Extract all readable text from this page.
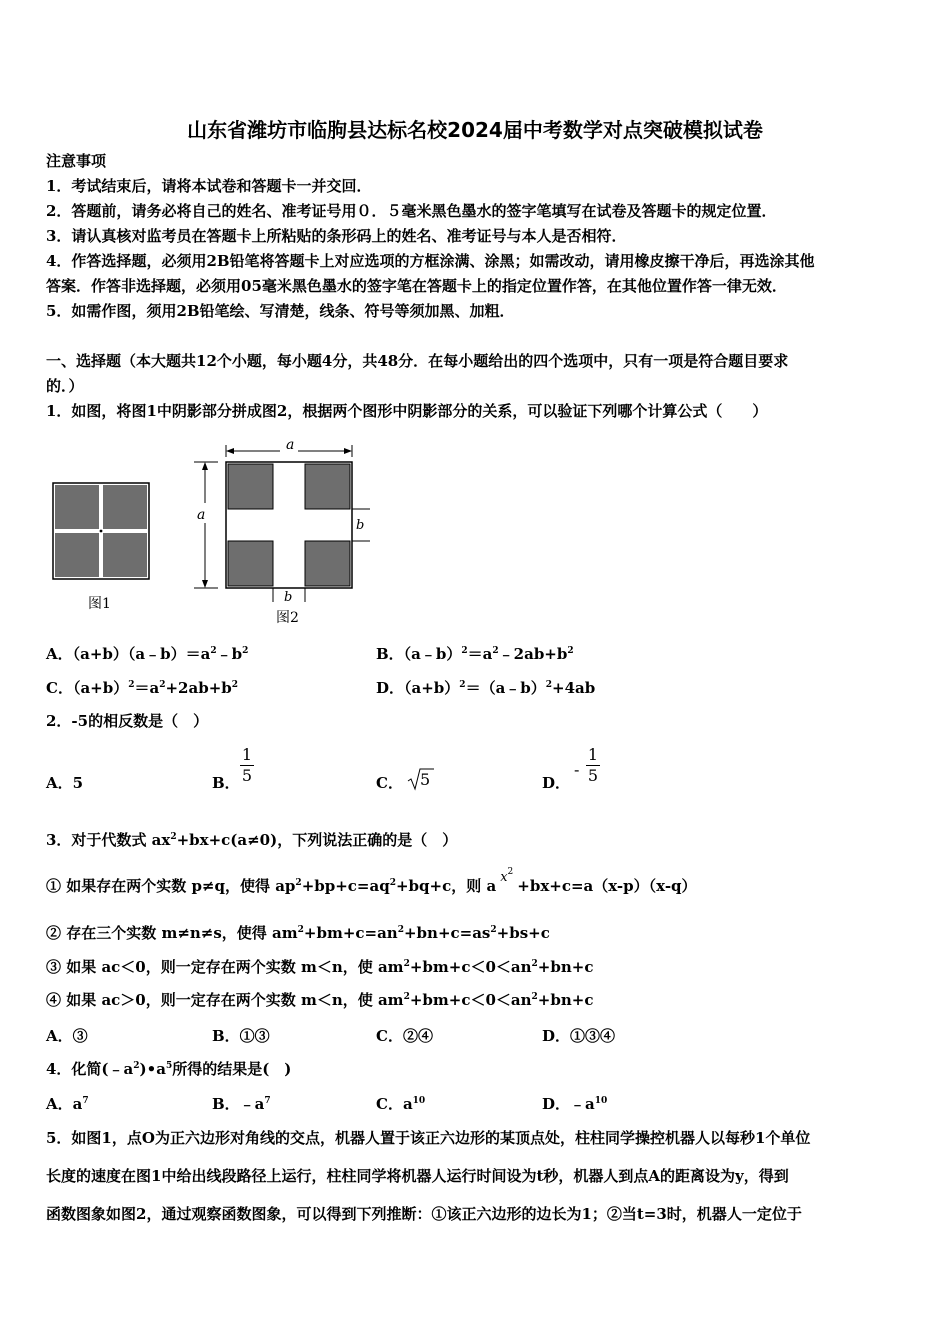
山东省潍坊市临朐县达标名校2024届中考数学对点突破模拟试卷
注意事项
1．考试结束后，请将本试卷和答题卡一并交回．
2．答题前，请务必将自己的姓名、准考证号用０．５毫米黑色墨水的签字笔填写在试卷及答题卡的规定位置．
3．请认真核对监考员在答题卡上所粘贴的条形码上的姓名、准考证号与本人是否相符．
4．作答选择题，必须用2B铅笔将答题卡上对应选项的方框涂满、涂黑；如需改动，请用橡皮擦干净后，再选涂其他
答案．作答非选择题，必须用05毫米黑色墨水的签字笔在答题卡上的指定位置作答，在其他位置作答一律无效．
5．如需作图，须用2B铅笔绘、写清楚，线条、符号等须加黑、加粗．
一、选择题（本大题共12个小题，每小题4分，共48分．在每小题给出的四个选项中，只有一项是符合题目要求
的．）
1．如图，将图1中阴影部分拼成图2，根据两个图形中阴影部分的关系，可以验证下列哪个计算公式（　　）
图1
a
a
b
b
图2
A．$(a+b)(a﹣b)=a^2﹣b^2$	B．$(a﹣b)^2=a^2﹣2ab+b^2$
C．$(a+b)^2=a^2+2ab+b^2$	D．$(a+b)^2=(a﹣b)^2+4ab$
2．-5的相反数是（　）
A．5	B．
1
5	C． 5	D．
-
1
5
3．对于代数式 $ax^2+bx+c(a\ne 0)$，下列说法正确的是（　）
① 如果存在两个实数 p≠q，使得 $ap^2+bp+c=aq^2+bq+c$，则 a $x^2+bx+c=a(x-p)(x-q)$
② 存在三个实数 m≠n≠s，使得 $am^2+bm+c=an^2+bn+c=as^2+bs+c$
③ 如果 ac＜0，则一定存在两个实数 m＜n，使 $am^2+bm+c<0<an^2+bn+c$
④ 如果 ac＞0，则一定存在两个实数 m＜n，使 $am^2+bm+c<0<an^2+bn+c$
A．③	B．①③	C．②④	D．①③④
4．化简$(﹣a^2)•a^5$所得的结果是(　)
A．$a^7$	B．$﹣a^7$	C．$a^{10}$	D．$﹣a^{10}$
5．如图1，点O为正六边形对角线的交点，机器人置于该正六边形的某顶点处，柱柱同学操控机器人以每秒1个单位
长度的速度在图1中给出线段路径上运行，柱柱同学将机器人运行时间设为t秒，机器人到点A的距离设为y，得到
函数图象如图2，通过观察函数图象，可以得到下列推断：①该正六边形的边长为1；②当t=3时，机器人一定位于
